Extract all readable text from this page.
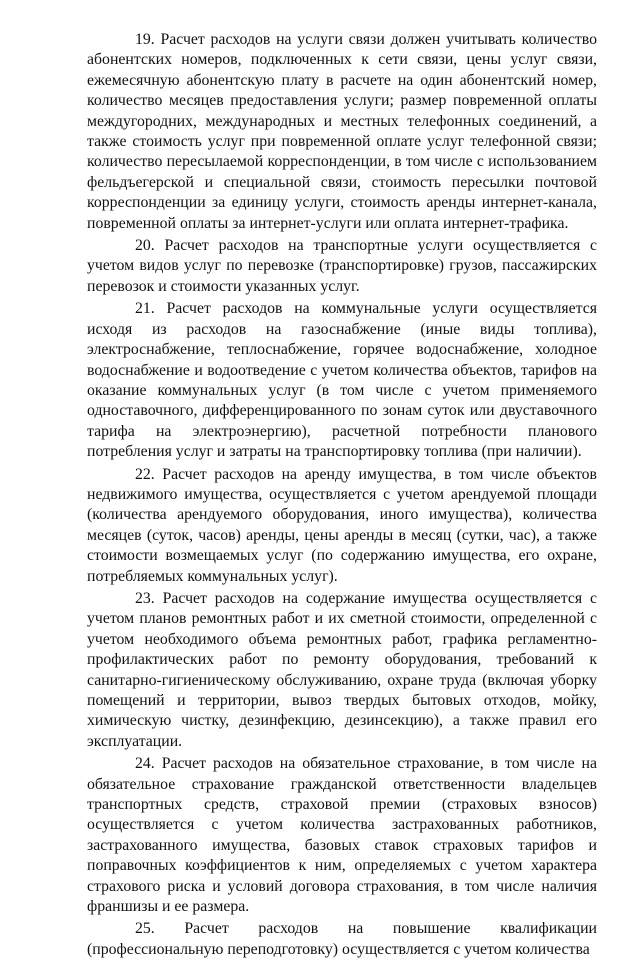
19. Расчет расходов на услуги связи должен учитывать количество абонентских номеров, подключенных к сети связи, цены услуг связи, ежемесячную абонентскую плату в расчете на один абонентский номер, количество месяцев предоставления услуги; размер повременной оплаты междугородних, международных и местных телефонных соединений, а также стоимость услуг при повременной оплате услуг телефонной связи; количество пересылаемой корреспонденции, в том числе с использованием фельдъегерской и специальной связи, стоимость пересылки почтовой корреспонденции за единицу услуги, стоимость аренды интернет-канала, повременной оплаты за интернет-услуги или оплата интернет-трафика.

20. Расчет расходов на транспортные услуги осуществляется с учетом видов услуг по перевозке (транспортировке) грузов, пассажирских перевозок и стоимости указанных услуг.

21. Расчет расходов на коммунальные услуги осуществляется исходя из расходов на газоснабжение (иные виды топлива), электроснабжение, теплоснабжение, горячее водоснабжение, холодное водоснабжение и водоотведение с учетом количества объектов, тарифов на оказание коммунальных услуг (в том числе с учетом применяемого одноставочного, дифференцированного по зонам суток или двуставочного тарифа на электроэнергию), расчетной потребности планового потребления услуг и затраты на транспортировку топлива (при наличии).

22. Расчет расходов на аренду имущества, в том числе объектов недвижимого имущества, осуществляется с учетом арендуемой площади (количества арендуемого оборудования, иного имущества), количества месяцев (суток, часов) аренды, цены аренды в месяц (сутки, час), а также стоимости возмещаемых услуг (по содержанию имущества, его охране, потребляемых коммунальных услуг).

23. Расчет расходов на содержание имущества осуществляется с учетом планов ремонтных работ и их сметной стоимости, определенной с учетом необходимого объема ремонтных работ, графика регламентно-профилактических работ по ремонту оборудования, требований к санитарно-гигиеническому обслуживанию, охране труда (включая уборку помещений и территории, вывоз твердых бытовых отходов, мойку, химическую чистку, дезинфекцию, дезинсекцию), а также правил его эксплуатации.

24. Расчет расходов на обязательное страхование, в том числе на обязательное страхование гражданской ответственности владельцев транспортных средств, страховой премии (страховых взносов) осуществляется с учетом количества застрахованных работников, застрахованного имущества, базовых ставок страховых тарифов и поправочных коэффициентов к ним, определяемых с учетом характера страхового риска и условий договора страхования, в том числе наличия франшизы и ее размера.

25. Расчет расходов на повышение квалификации (профессиональную переподготовку) осуществляется с учетом количества
